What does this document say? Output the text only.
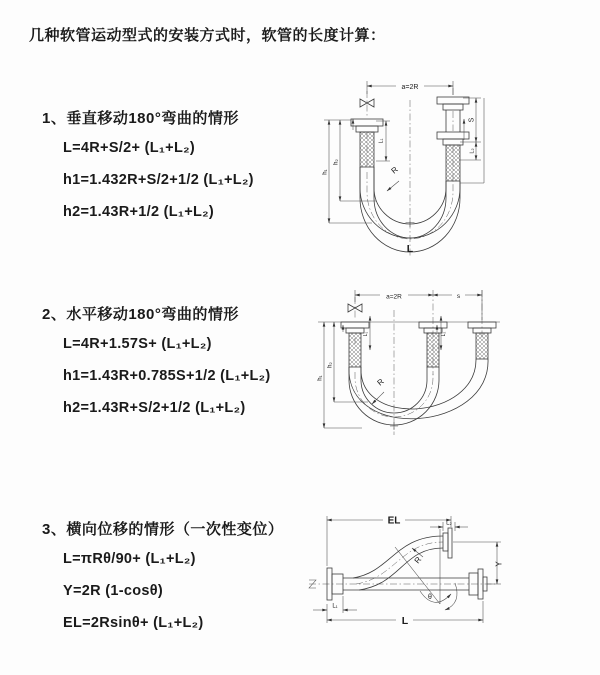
几种软管运动型式的安装方式时，软管的长度计算：
1、垂直移动180°弯曲的情形
L=4R+S/2+ (L₁+L₂)
h1=1.432R+S/2+1/2 (L₁+L₂)
h2=1.43R+1/2 (L₁+L₂)
a=2R
S
L₂
L₁
h₁
h₂
R
L
2、水平移动180°弯曲的情形
L=4R+1.57S+ (L₁+L₂)
h1=1.43R+0.785S+1/2 (L₁+L₂)
h2=1.43R+S/2+1/2 (L₁+L₂)
a=2R	s
L₁	L₂
h₁
h₂
R
3、横向位移的情形（一次性变位）
L=πRθ/90+ (L₁+L₂)
Y=2R (1-cosθ)
EL=2Rsinθ+ (L₁+L₂)
EL	L₂
Y
R
θ
L
L₁
